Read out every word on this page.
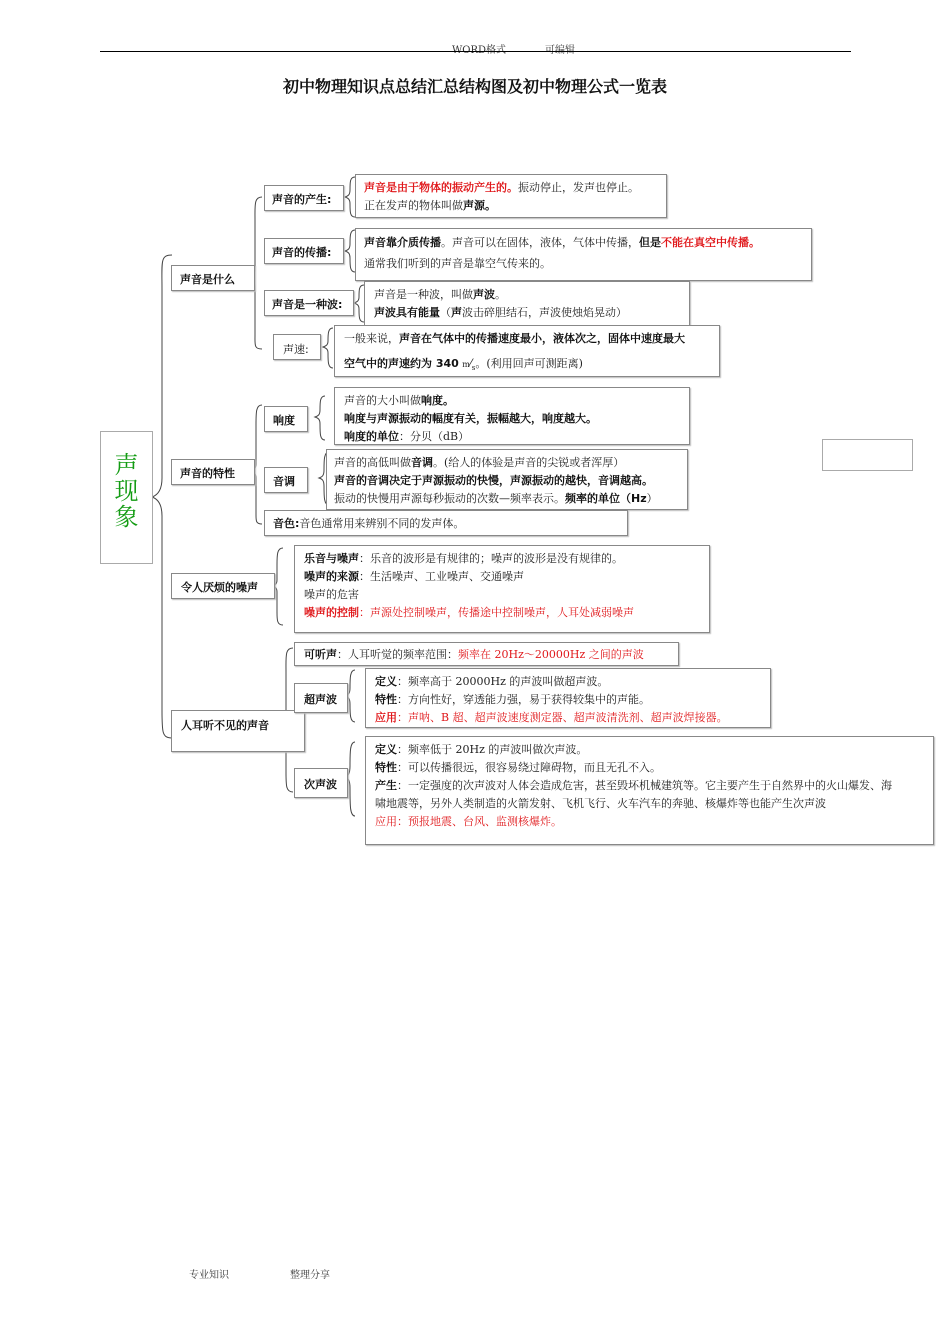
WORD格式	可编辑
初中物理知识点总结汇总结构图及初中物理公式一览表
声
现
象
声音是什么
声音的产生:
声音是由于物体的振动产生的。振动停止，发声也停止。
正在发声的物体叫做声源。
声音的传播:
声音靠介质传播。声音可以在固体，液体，气体中传播，但是不能在真空中传播。
通常我们听到的声音是靠空气传来的。
声音是一种波:
声音是一种波，叫做声波。
声波具有能量（声波击碎胆结石，声波使烛焰晃动）
声速:
一般来说，声音在气体中的传播速度最小，液体次之，固体中速度最大
空气中的声速约为 340 $m⁄_s$。(利用回声可测距离)
声音的特性
响度
声音的大小叫做响度。
响度与声源振动的幅度有关，振幅越大，响度越大。
响度的单位：分贝（dB）
音调
声音的高低叫做音调。(给人的体验是声音的尖锐或者浑厚）
声音的音调决定于声源振动的快慢，声源振动的越快，音调越高。
振动的快慢用声源每秒振动的次数—频率表示。频率的单位（Hz）
音色:音色通常用来辨别不同的发声体。
令人厌烦的噪声
乐音与噪声：乐音的波形是有规律的；噪声的波形是没有规律的。
噪声的来源：生活噪声、工业噪声、交通噪声
噪声的危害
噪声的控制：声源处控制噪声，传播途中控制噪声，人耳处减弱噪声
人耳听不见的声音
可听声：人耳听觉的频率范围：频率在 20Hz～20000Hz 之间的声波
超声波
定义：频率高于 20000Hz 的声波叫做超声波。
特性：方向性好，穿透能力强，易于获得较集中的声能。
应用：声呐、B 超、超声波速度测定器、超声波清洗剂、超声波焊接器。
次声波
定义：频率低于 20Hz 的声波叫做次声波。
特性：可以传播很远，很容易绕过障碍物，而且无孔不入。
产生：一定强度的次声波对人体会造成危害，甚至毁坏机械建筑等。它主要产生于自然界中的火山爆发、海
啸地震等，另外人类制造的火箭发射、飞机飞行、火车汽车的奔驰、核爆炸等也能产生次声波
应用：预报地震、台风、监测核爆炸。
专业知识	整理分享
